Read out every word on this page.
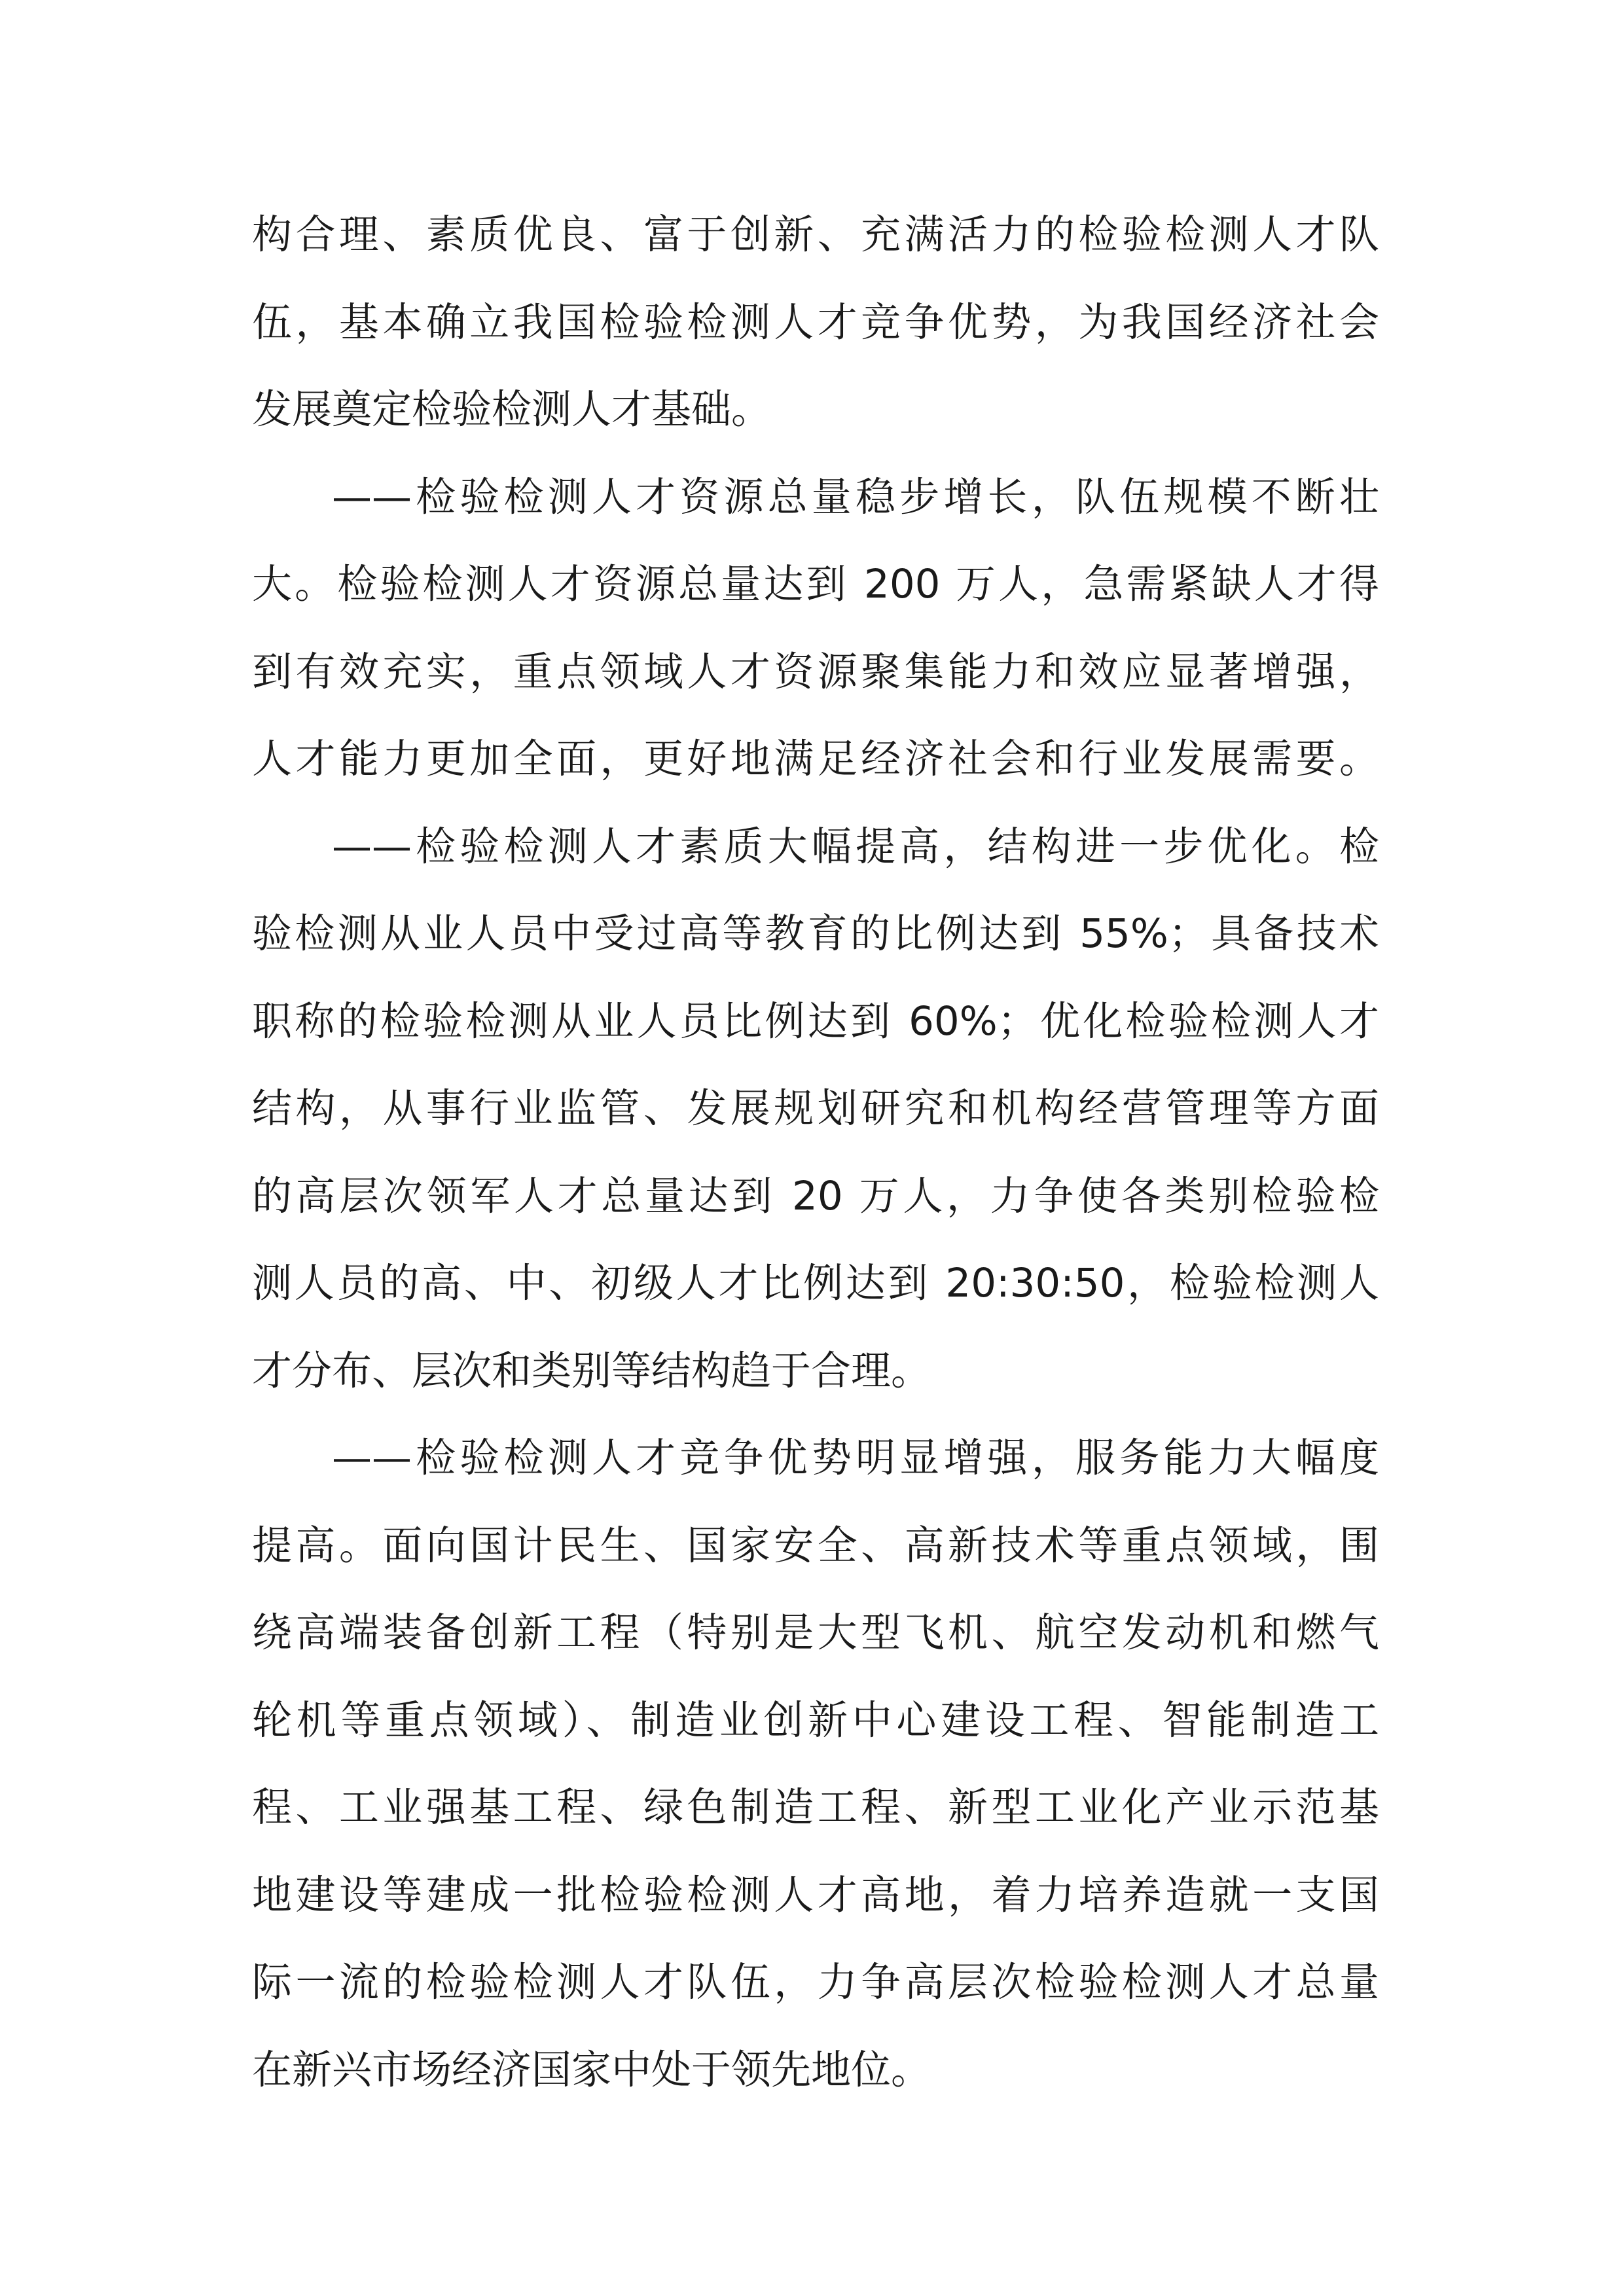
构合理、素质优良、富于创新、充满活力的检验检测人才队
伍，基本确立我国检验检测人才竞争优势，为我国经济社会
发展奠定检验检测人才基础。
——检验检测人才资源总量稳步增长，队伍规模不断壮
大。检验检测人才资源总量达到 200 万人，急需紧缺人才得
到有效充实，重点领域人才资源聚集能力和效应显著增强，
人才能力更加全面，更好地满足经济社会和行业发展需要。
——检验检测人才素质大幅提高，结构进一步优化。检
验检测从业人员中受过高等教育的比例达到 55%；具备技术
职称的检验检测从业人员比例达到 60%；优化检验检测人才
结构，从事行业监管、发展规划研究和机构经营管理等方面
的高层次领军人才总量达到 20 万人，力争使各类别检验检
测人员的高、中、初级人才比例达到 20:30:50，检验检测人
才分布、层次和类别等结构趋于合理。
——检验检测人才竞争优势明显增强，服务能力大幅度
提高。面向国计民生、国家安全、高新技术等重点领域，围
绕高端装备创新工程（特别是大型飞机、航空发动机和燃气
轮机等重点领域）、制造业创新中心建设工程、智能制造工
程、工业强基工程、绿色制造工程、新型工业化产业示范基
地建设等建成一批检验检测人才高地，着力培养造就一支国
际一流的检验检测人才队伍，力争高层次检验检测人才总量
在新兴市场经济国家中处于领先地位。
